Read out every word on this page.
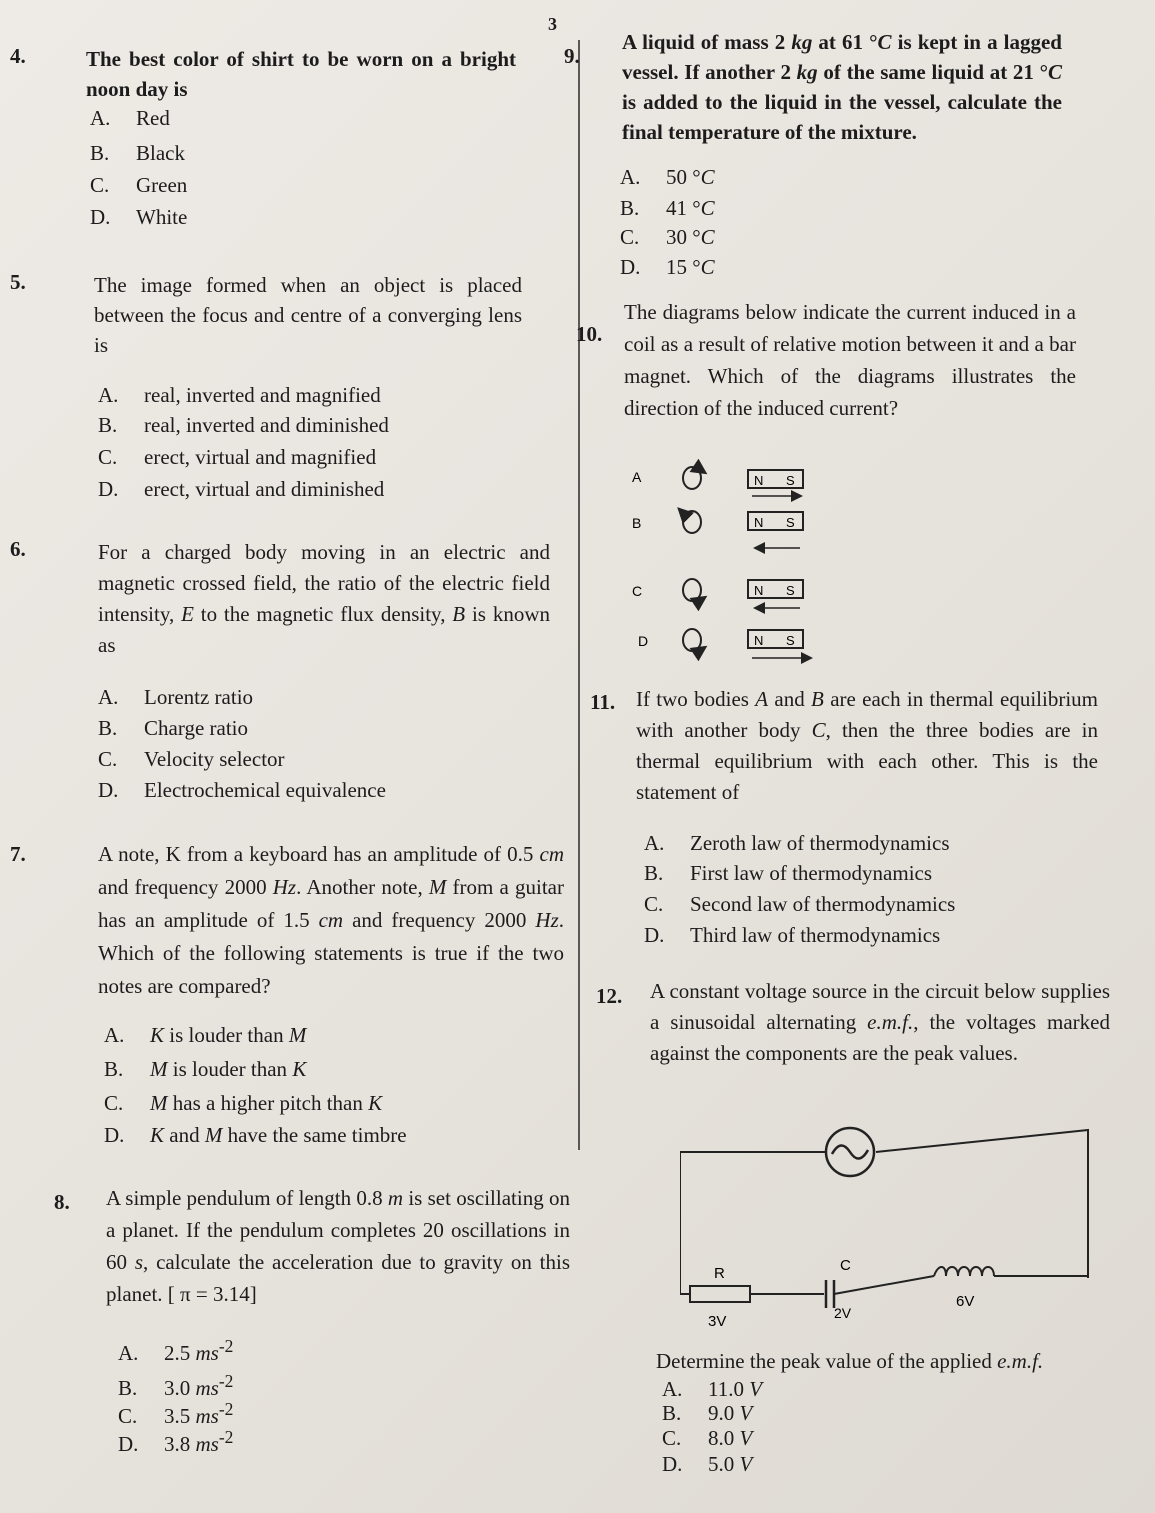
3
4.	The best color of shirt to be worn on a bright noon day is
A. Red
B. Black
C. Green
D. White
5.	The image formed when an object is placed between the focus and centre of a converging lens is
A. real, inverted and magnified
B. real, inverted and diminished
C. erect, virtual and magnified
D. erect, virtual and diminished
6.	For a charged body moving in an electric and magnetic crossed field, the ratio of the electric field intensity, E to the magnetic flux density, B is known as
A. Lorentz ratio
B. Charge ratio
C. Velocity selector
D. Electrochemical equivalence
7.	A note, K from a keyboard has an amplitude of 0.5 cm and frequency 2000 Hz. Another note, M from a guitar has an amplitude of 1.5 cm and frequency 2000 Hz. Which of the following statements is true if the two notes are compared?
A. K is louder than M
B. M is louder than K
C. M has a higher pitch than K
D. K and M have the same timbre
8. A simple pendulum of length 0.8 m is set oscillating on a planet. If the pendulum completes 20 oscillations in 60 s, calculate the acceleration due to gravity on this planet. [ π = 3.14]
A. 2.5 $ms^{-2}$
B. 3.0 $ms^{-2}$
C. 3.5 $ms^{-2}$
D. 3.8 $ms^{-2}$
9.
A liquid of mass 2 kg at 61 °C is kept in a lagged vessel. If another 2 kg of the same liquid at 21 °C is added to the liquid in the vessel, calculate the final temperature of the mixture.
A. 50 °C
B. 41 °C
C. 30 °C
D. 15 °C
10.
The diagrams below indicate the current induced in a coil as a result of relative motion between it and a bar magnet. Which of the diagrams illustrates the direction of the induced current?
A	N S
B	N S
C	N S
D	N S
11. If two bodies A and B are each in thermal equilibrium with another body C, then the three bodies are in thermal equilibrium with each other. This is the statement of
A. Zeroth law of thermodynamics
B. First law of thermodynamics
C. Second law of thermodynamics
D. Third law of thermodynamics
12. A constant voltage source in the circuit below supplies a sinusoidal alternating e.m.f., the voltages marked against the components are the peak values.
R
3V
C
2V
6V
Determine the peak value of the applied e.m.f.
A. 11.0 V
B. 9.0 V
C. 8.0 V
D. 5.0 V
